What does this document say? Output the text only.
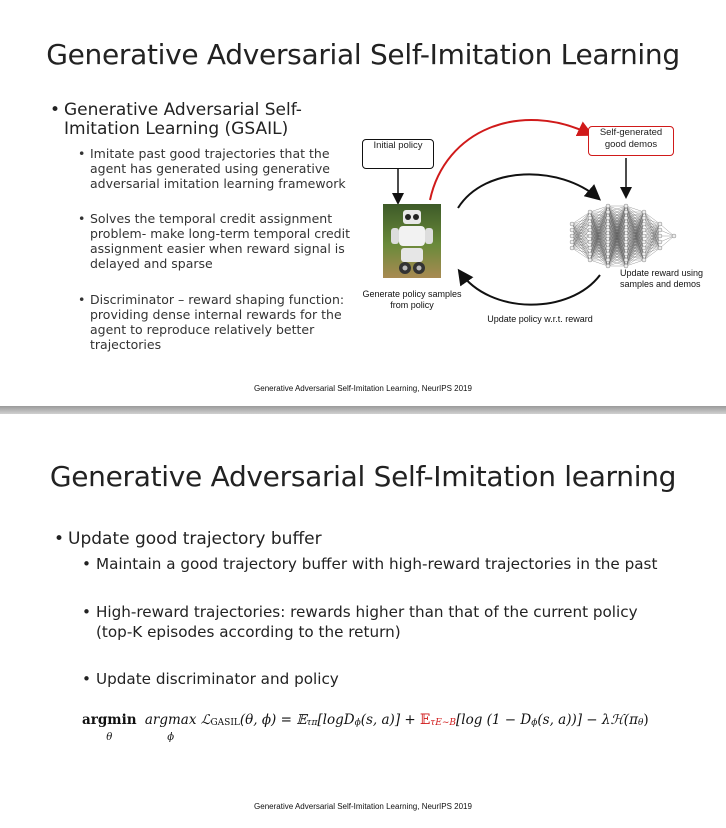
Generative Adversarial Self-Imitation Learning
• Generative Adversarial Self-Imitation Learning (GSAIL)
• Imitate past good trajectories that the agent has generated using generative adversarial imitation learning framework
• Solves the temporal credit assignment problem- make long-term temporal credit assignment easier when reward signal is delayed and sparse
• Discriminator – reward shaping function: providing dense internal rewards for the agent to reproduce relatively better trajectories
Initial policy
Self-generated good demos
Generate policy samples from policy
Update policy w.r.t. reward
Update reward using samples and demos
Generative Adversarial Self-Imitation Learning, NeurIPS 2019
Generative Adversarial Self-Imitation learning
• Update good trajectory buffer
• Maintain a good trajectory buffer with high-reward trajectories in the past
• High-reward trajectories: rewards higher than that of the current policy (top-K episodes according to the return)
• Update discriminator and policy
argmin
θ argmax
ϕ ℒ$^{GASIL}$(θ, ϕ) = 𝔼$^{\tau\pi}$[logD$^\phi$(s, a)] + 𝔼$^{\tau E\sim B}$[log ($1 - D^\phi(s$, $a))] - \lambda ℋ(\pi^\theta)$
Generative Adversarial Self-Imitation Learning, NeurIPS 2019
